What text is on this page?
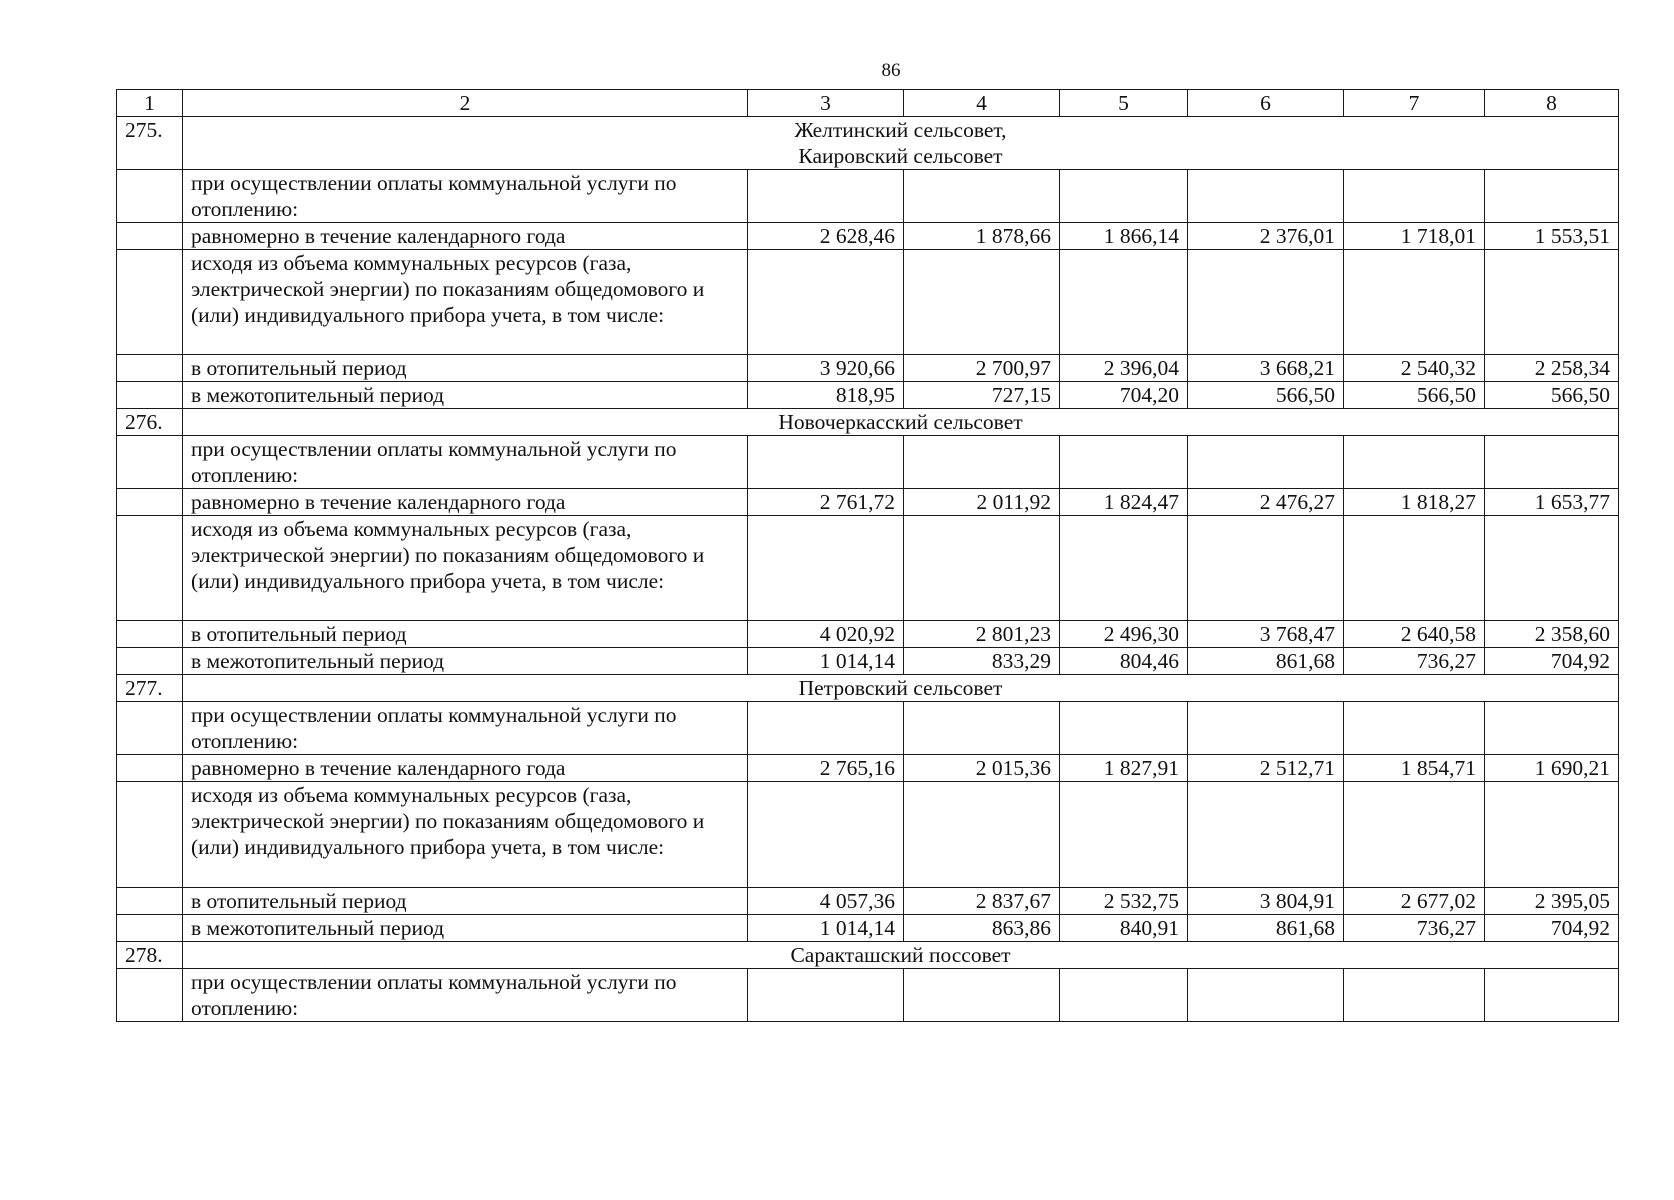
86
1	2	3	4	5	6	7	8
275.	Желтинский сельсовет,
Каировский сельсовет						

	при осуществлении оплаты коммунальной услуги по отоплению:						
	равномерно в течение календарного года	2 628,46	1 878,66	1 866,14	2 376,01	1 718,01	1 553,51
	исходя из объема коммунальных ресурсов (газа, электрической энергии) по показаниям общедомового и (или) индивидуального прибора учета, в том числе:						
	в отопительный период	3 920,66	2 700,97	2 396,04	3 668,21	2 540,32	2 258,34
	в межотопительный период	818,95	727,15	704,20	566,50	566,50	566,50
276.	Новочеркасский сельсовет						

	при осуществлении оплаты коммунальной услуги по отоплению:						
	равномерно в течение календарного года	2 761,72	2 011,92	1 824,47	2 476,27	1 818,27	1 653,77
	исходя из объема коммунальных ресурсов (газа, электрической энергии) по показаниям общедомового и (или) индивидуального прибора учета, в том числе:						
	в отопительный период	4 020,92	2 801,23	2 496,30	3 768,47	2 640,58	2 358,60
	в межотопительный период	1 014,14	833,29	804,46	861,68	736,27	704,92
277.	Петровский сельсовет						

	при осуществлении оплаты коммунальной услуги по отоплению:						
	равномерно в течение календарного года	2 765,16	2 015,36	1 827,91	2 512,71	1 854,71	1 690,21
	исходя из объема коммунальных ресурсов (газа, электрической энергии) по показаниям общедомового и (или) индивидуального прибора учета, в том числе:						
	в отопительный период	4 057,36	2 837,67	2 532,75	3 804,91	2 677,02	2 395,05
	в межотопительный период	1 014,14	863,86	840,91	861,68	736,27	704,92
278.	Саракташский поссовет						

	при осуществлении оплаты коммунальной услуги по отоплению:						
